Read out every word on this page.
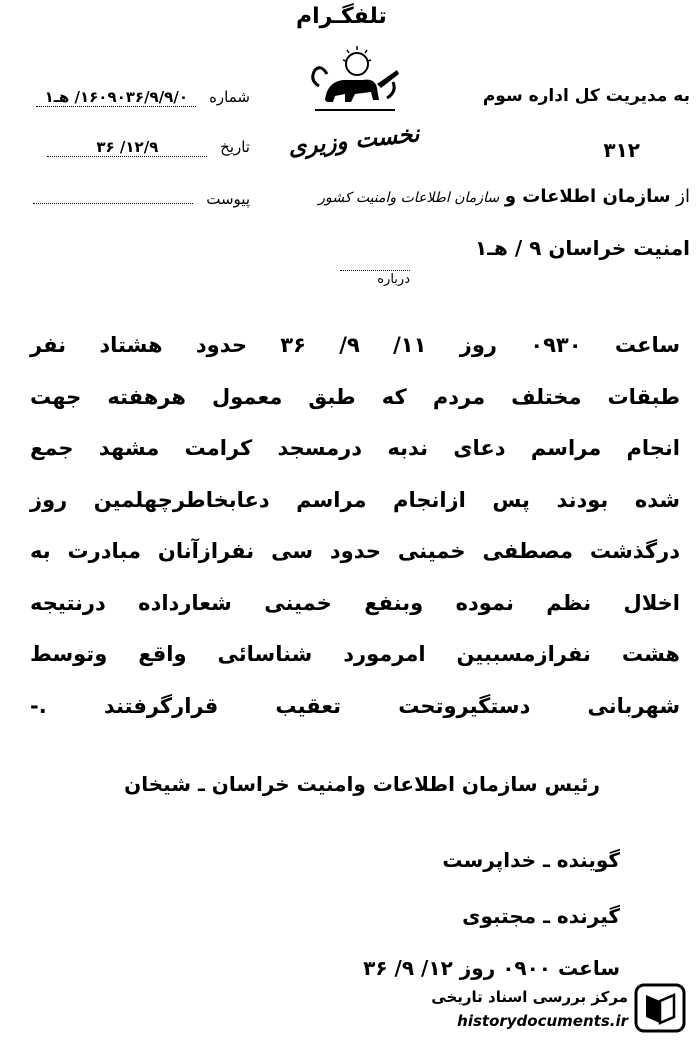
تلفگـرام
به مدیریت کل اداره سوم
۳۱۲
نخست وزیری
از سازمان اطلاعات و سازمان اطلاعات وامنیت کشور
شماره ۱۶۰۹۰۳۶/۹/۹/۰/ هـ۱
تاریخ ۱۲/۹/ ۳۶
پیوست
امنیت خراسان ۹ / هـ۱
درباره
ساعت ۰۹۳۰ روز ۱۱/ ۹/ ۳۶ حدود هشتاد نفر
طبقات مختلف مردم که طبق معمول هرهفته جهت
انجام مراسم دعای ندبه درمسجد کرامت مشهد جمع
شده بودند پس ازانجام مراسم دعابخاطرچهلمین روز
درگذشت مصطفی خمینی حدود سی نفرازآنان مبادرت به
اخلال نظم نموده وبنفع خمینی شعارداده درنتیجه
هشت نفرازمسببین امرمورد شناسائی واقع وتوسط
شهربانی دستگیروتحت تعقیب قرارگرفتند .-
رئیس سازمان اطلاعات وامنیت خراسان ـ شیخان
گوینده ـ خداپرست
گیرنده ـ مجتبوی
ساعت ۰۹۰۰ روز ۱۲/ ۹/ ۳۶
مرکز بررسی اسناد تاریخی
historydocuments.ir
